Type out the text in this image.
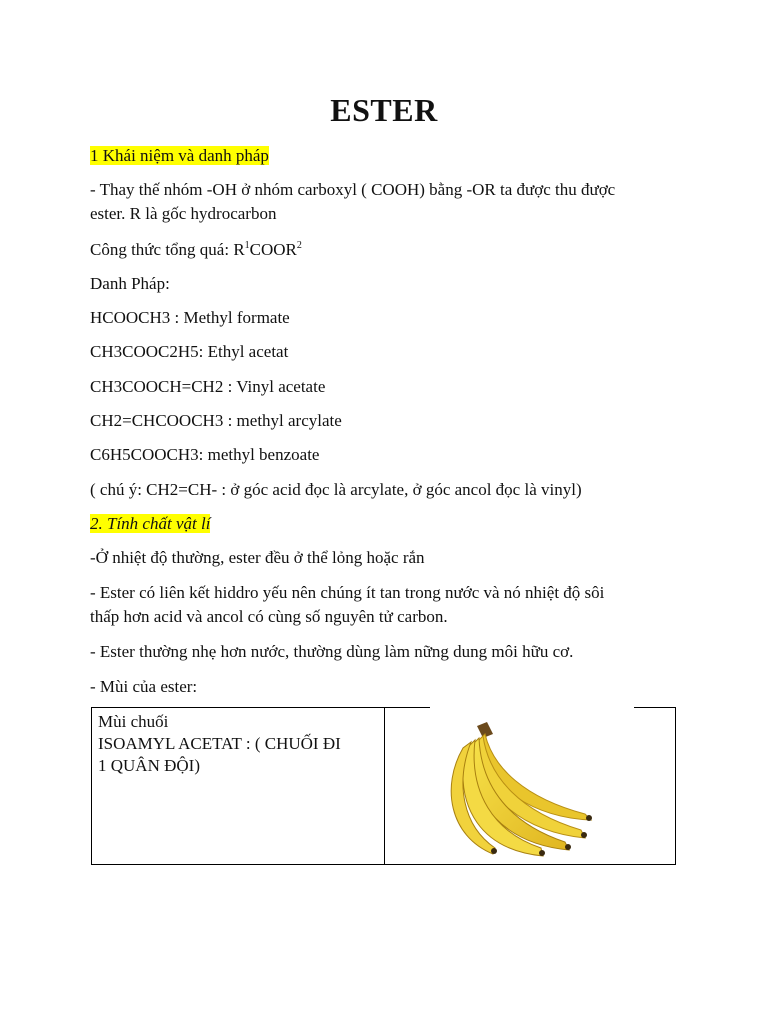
ESTER
1 Khái niệm và danh pháp
- Thay thế nhóm -OH ở nhóm carboxyl ( COOH) bằng -OR ta được thu được
ester. R là gốc hydrocarbon
Công thức tổng quá: $R^1COOR^2$
Danh Pháp:
HCOOCH3 : Methyl formate
CH3COOC2H5: Ethyl acetat
CH3COOCH=CH2 : Vinyl acetate
CH2=CHCOOCH3 : methyl arcylate
C6H5COOCH3: methyl benzoate
( chú ý: CH2=CH- : ở góc acid đọc là arcylate, ở góc ancol đọc là vinyl)
2. Tính chất vật lí
-Ở nhiệt độ thường, ester đều ở thể lỏng hoặc rắn
- Ester có liên kết hiddro yếu nên chúng ít tan trong nước và nó nhiệt độ sôi
thấp hơn acid và ancol có cùng số nguyên tử carbon.
- Ester thường nhẹ hơn nước, thường dùng làm nững dung môi hữu cơ.
- Mùi của ester:
Mùi chuối
ISOAMYL ACETAT : ( CHUỐI ĐI
1 QUÂN ĐỘI)
